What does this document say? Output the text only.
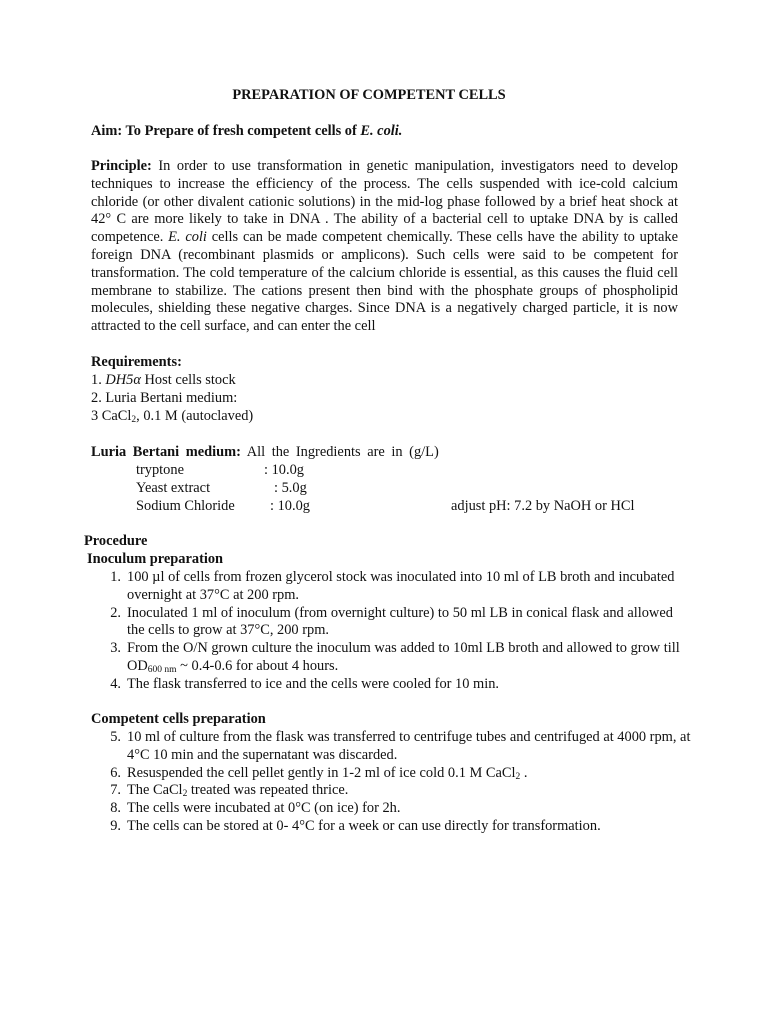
PREPARATION OF COMPETENT CELLS
Aim: To Prepare of fresh competent cells of E. coli.
Principle: In order to use transformation in genetic manipulation, investigators need to develop techniques to increase the efficiency of the process. The cells suspended with ice-cold calcium chloride (or other divalent cationic solutions) in the mid-log phase followed by a brief heat shock at 42° C are more likely to take in DNA . The ability of a bacterial cell to uptake DNA by is called competence. E. coli cells can be made competent chemically. These cells have the ability to uptake foreign DNA (recombinant plasmids or amplicons). Such cells were said to be competent for transformation. The cold temperature of the calcium chloride is essential, as this causes the fluid cell membrane to stabilize. The cations present then bind with the phosphate groups of phospholipid molecules, shielding these negative charges. Since DNA is a negatively charged particle, it is now attracted to the cell surface, and can enter the cell
Requirements:
1. DH5α Host cells stock
2. Luria Bertani medium:
3 CaCl$_2$, 0.1 M (autoclaved)
Luria Bertani medium: All the Ingredients are in (g/L)
tryptone	: 10.0g
Yeast extract	: 5.0g
Sodium Chloride : 10.0g	adjust pH: 7.2 by NaOH or HCl
Procedure
Inoculum preparation
1. 100 µl of cells from frozen glycerol stock was inoculated into 10 ml of LB broth and incubated overnight at 37°C at 200 rpm.
2. Inoculated 1 ml of inoculum (from overnight culture) to 50 ml LB in conical flask and allowed the cells to grow at 37°C, 200 rpm.
3. From the O/N grown culture the inoculum was added to 10ml LB broth and allowed to grow till $OD_{600 nm}$ ~ 0.4-0.6 for about 4 hours.
4. The flask transferred to ice and the cells were cooled for 10 min.
Competent cells preparation
5. 10 ml of culture from the flask was transferred to centrifuge tubes and centrifuged at 4000 rpm, at 4°C 10 min and the supernatant was discarded.
6. Resuspended the cell pellet gently in 1-2 ml of ice cold 0.1 M CaCl$_2$ .
7. The CaCl$_2$ treated was repeated thrice.
8. The cells were incubated at 0°C (on ice) for 2h.
9. The cells can be stored at 0- 4°C for a week or can use directly for transformation.
